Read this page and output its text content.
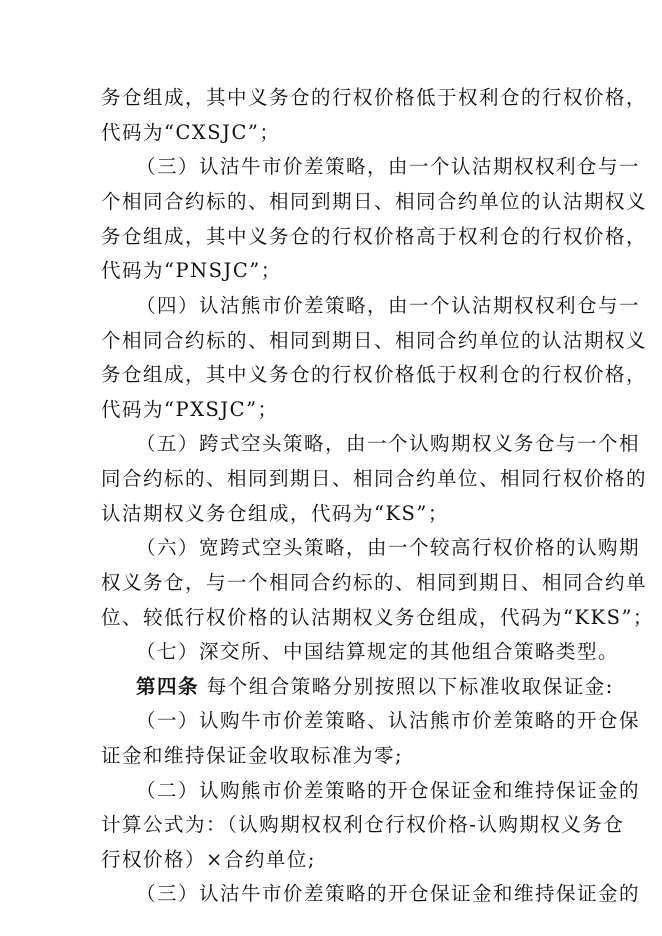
务仓组成，其中义务仓的行权价格低于权利仓的行权价格，
代码为“CXSJC”；
（三）认沽牛市价差策略，由一个认沽期权权利仓与一
个相同合约标的、相同到期日、相同合约单位的认沽期权义
务仓组成，其中义务仓的行权价格高于权利仓的行权价格，
代码为“PNSJC”；
（四）认沽熊市价差策略，由一个认沽期权权利仓与一
个相同合约标的、相同到期日、相同合约单位的认沽期权义
务仓组成，其中义务仓的行权价格低于权利仓的行权价格，
代码为“PXSJC”；
（五）跨式空头策略，由一个认购期权义务仓与一个相
同合约标的、相同到期日、相同合约单位、相同行权价格的
认沽期权义务仓组成，代码为“KS”；
（六）宽跨式空头策略，由一个较高行权价格的认购期
权义务仓，与一个相同合约标的、相同到期日、相同合约单
位、较低行权价格的认沽期权义务仓组成，代码为“KKS”；
（七）深交所、中国结算规定的其他组合策略类型。
第四条 每个组合策略分别按照以下标准收取保证金:
（一）认购牛市价差策略、认沽熊市价差策略的开仓保
证金和维持保证金收取标准为零;
（二）认购熊市价差策略的开仓保证金和维持保证金的
计算公式为：（认购期权权利仓行权价格-认购期权义务仓
行权价格）×合约单位;
（三）认沽牛市价差策略的开仓保证金和维持保证金的
